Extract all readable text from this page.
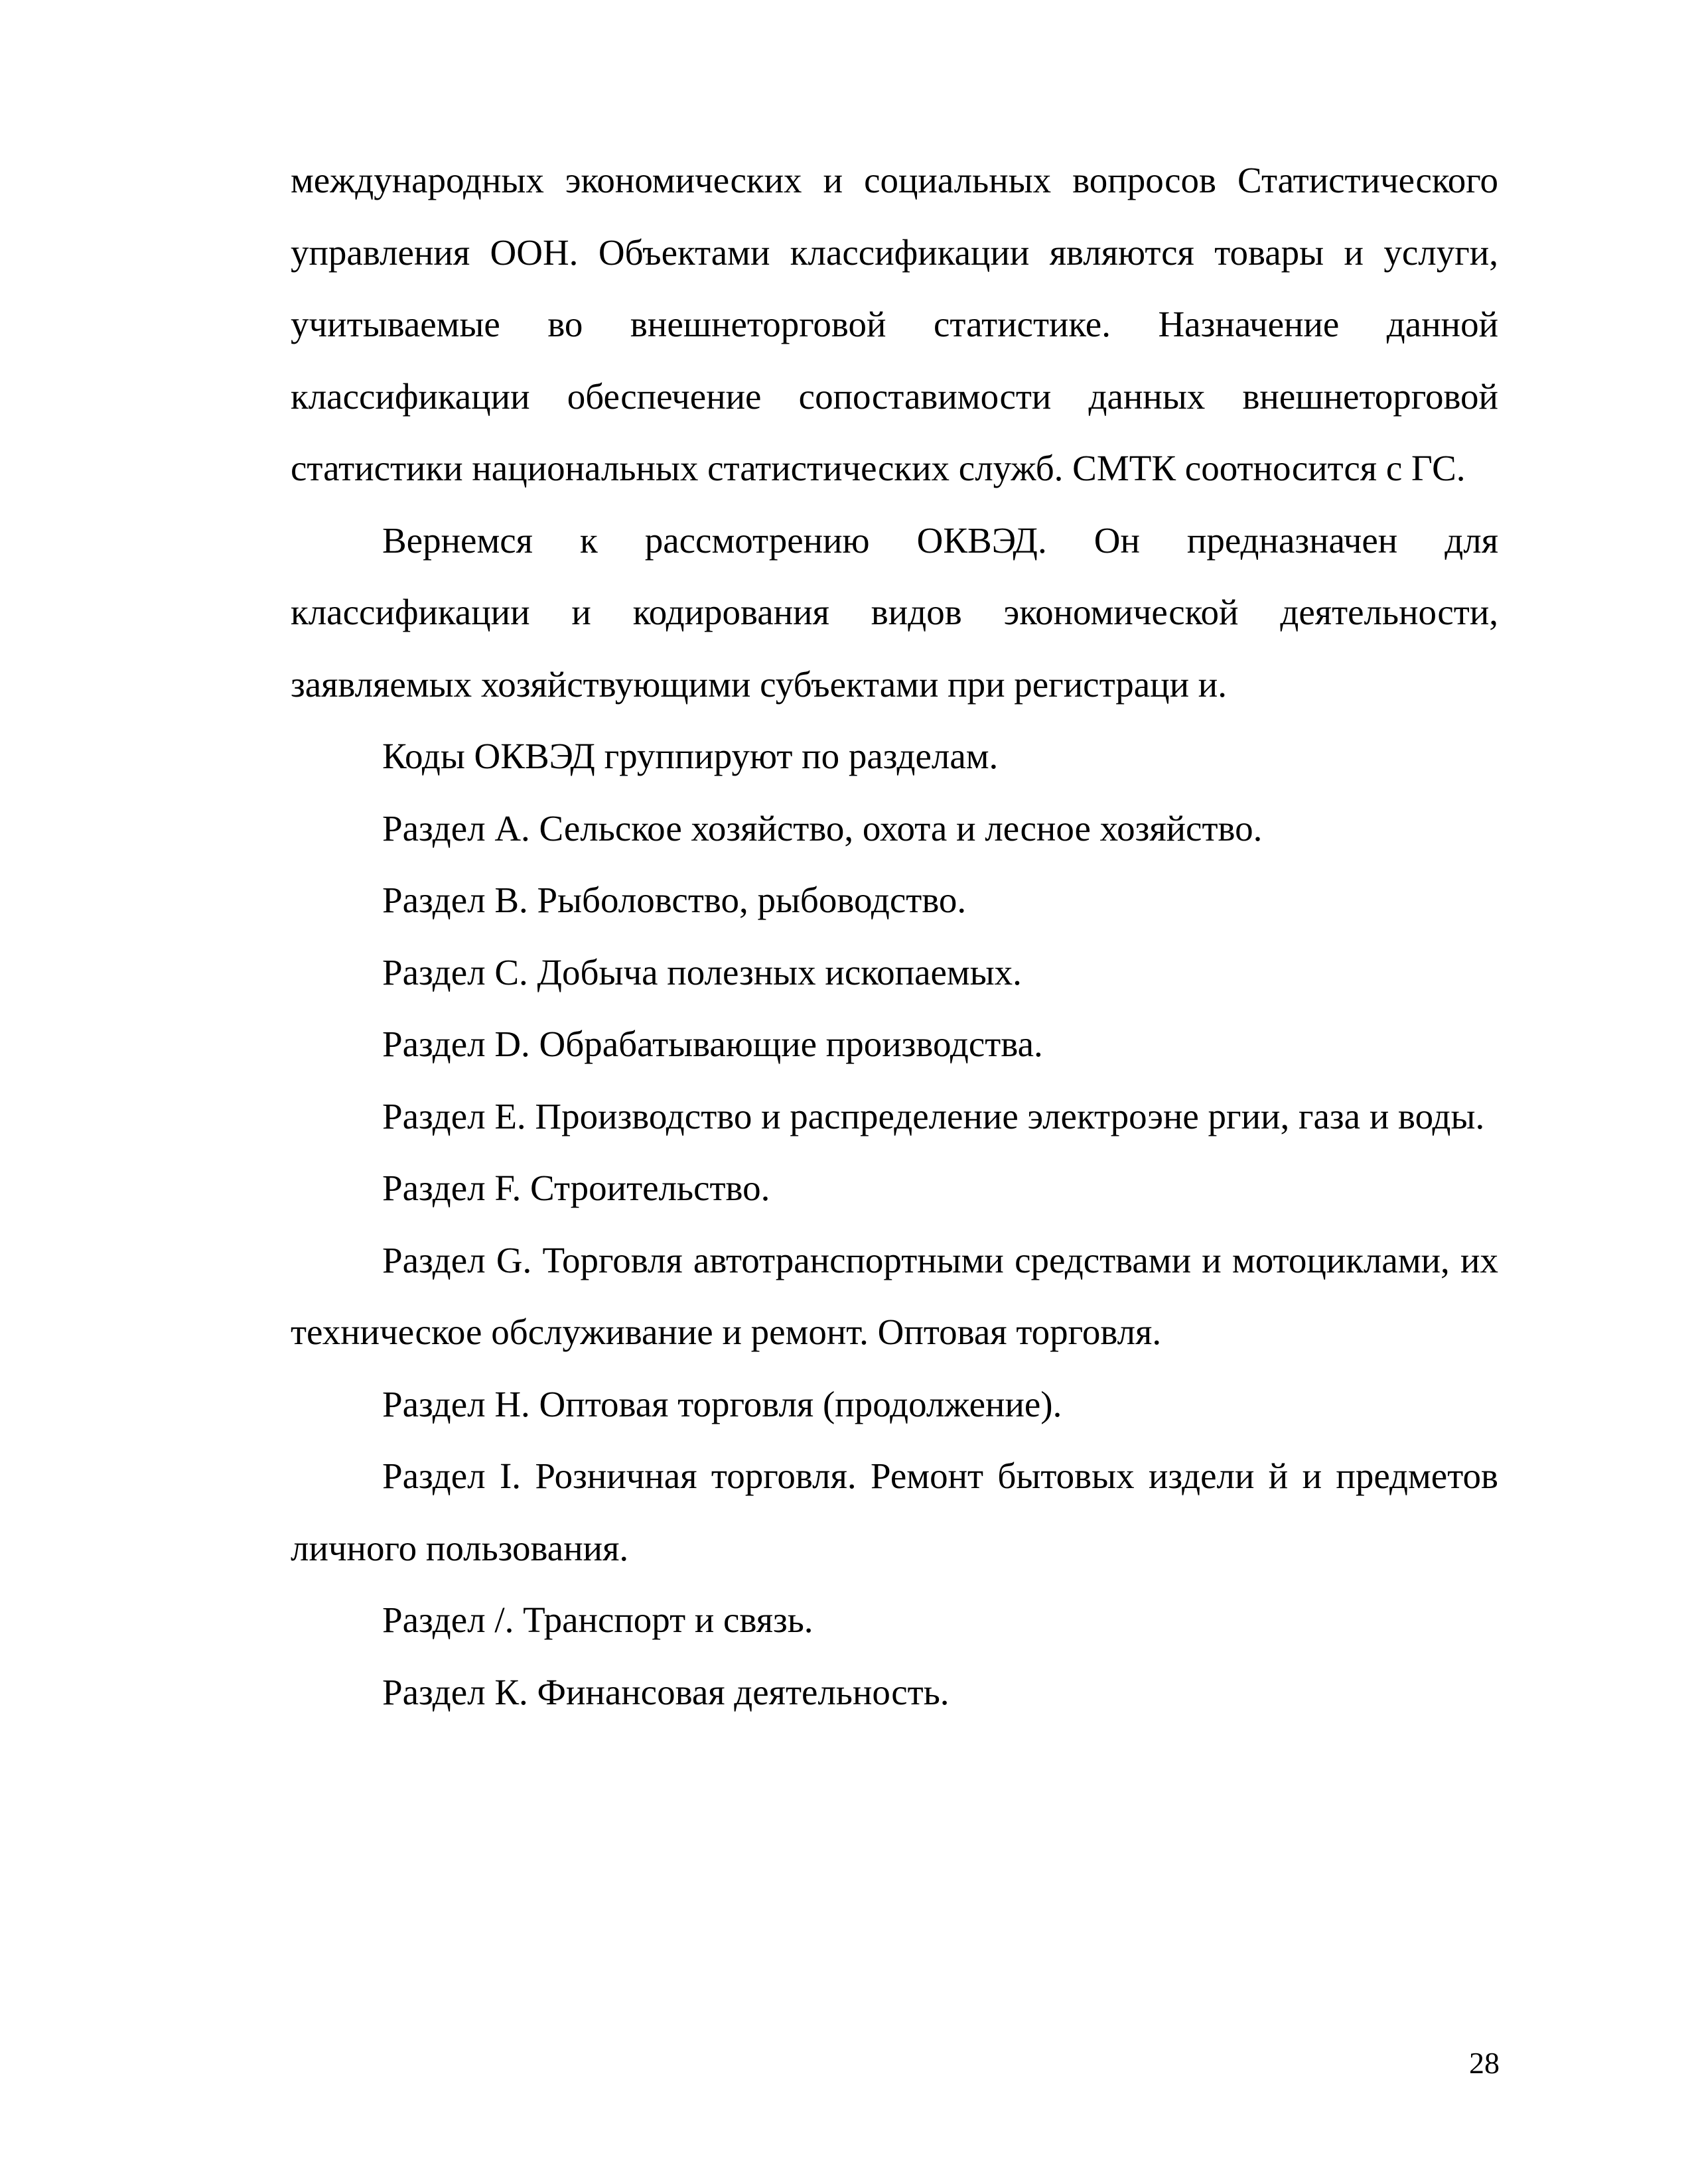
международных экономических и социальных вопросов Статистического управления ООН. Объектами классификации являются товары и услуги, учитываемые во внешнеторговой статистике. Назначение данной классификации обеспечение сопоставимости данных внешнеторговой статистики национальных статистических служб. СМТК соотносится с ГС.

Вернемся к рассмотрению ОКВЭД. Он предназначен для классификации и кодирования видов экономической деятельности, заявляемых хозяйствующими субъектами при регистраци и.

Коды ОКВЭД группируют по разделам.

Раздел А. Сельское хозяйство, охота и лесное хозяйство.

Раздел В. Рыболовство, рыбоводство.

Раздел С. Добыча полезных ископаемых.

Раздел D. Обрабатывающие производства.

Раздел Е. Производство и распределение электроэне ргии, газа и воды.

Раздел F. Строительство.

Раздел G. Торговля автотранспортными средствами и мотоциклами, их техническое обслуживание и ремонт. Оптовая торговля.

Раздел Н. Оптовая торговля (продолжение).

Раздел I. Розничная торговля. Ремонт бытовых издели й и предметов личного пользования.

Раздел /. Транспорт и связь.

Раздел К. Финансовая деятельность.

28
